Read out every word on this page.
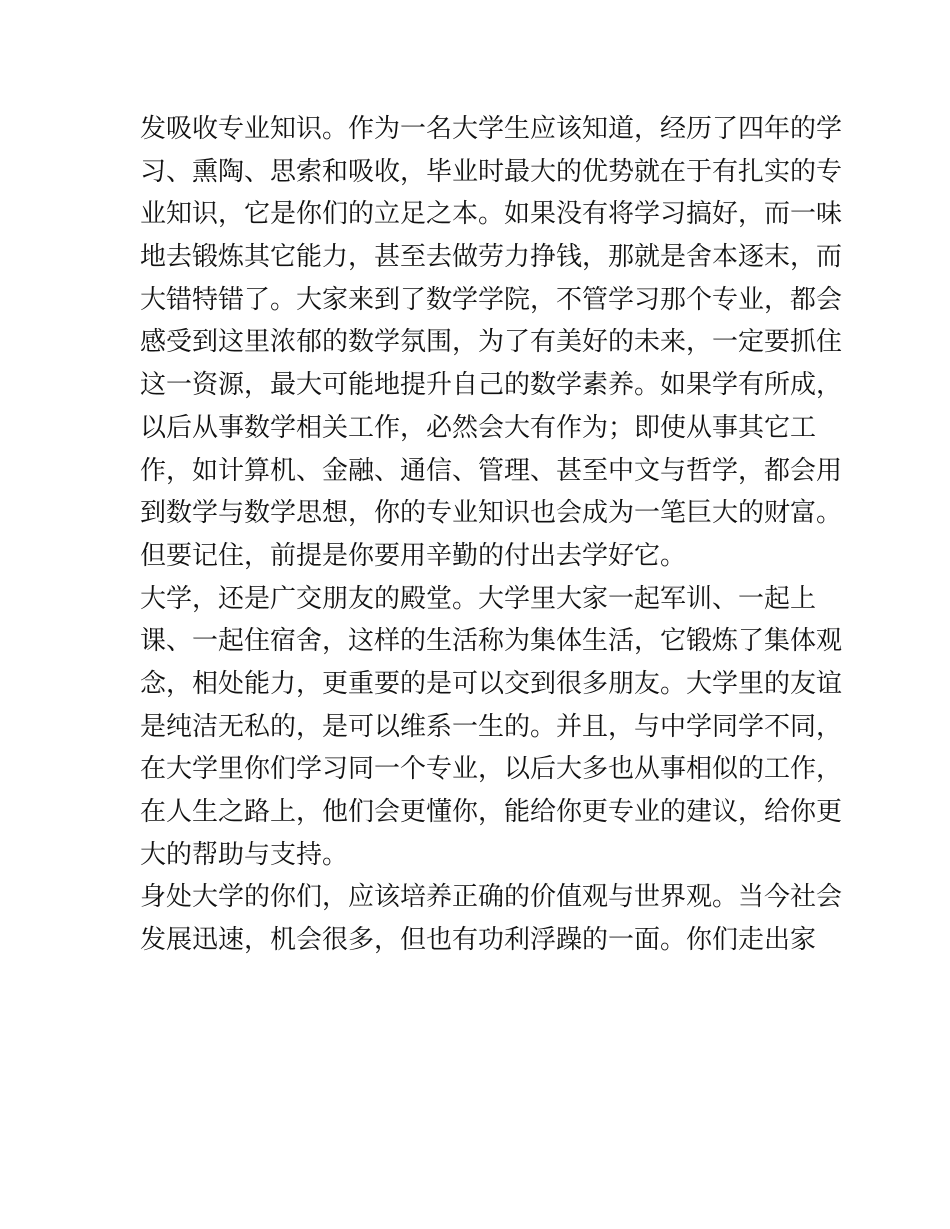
发吸收专业知识。作为一名大学生应该知道，经历了四年的学
习、熏陶、思索和吸收，毕业时最大的优势就在于有扎实的专
业知识，它是你们的立足之本。如果没有将学习搞好，而一味
地去锻炼其它能力，甚至去做劳力挣钱，那就是舍本逐末，而
大错特错了。大家来到了数学学院，不管学习那个专业，都会
感受到这里浓郁的数学氛围，为了有美好的未来，一定要抓住
这一资源，最大可能地提升自己的数学素养。如果学有所成，
以后从事数学相关工作，必然会大有作为；即使从事其它工
作，如计算机、金融、通信、管理、甚至中文与哲学，都会用
到数学与数学思想，你的专业知识也会成为一笔巨大的财富。
但要记住，前提是你要用辛勤的付出去学好它。
大学，还是广交朋友的殿堂。大学里大家一起军训、一起上
课、一起住宿舍，这样的生活称为集体生活，它锻炼了集体观
念，相处能力，更重要的是可以交到很多朋友。大学里的友谊
是纯洁无私的，是可以维系一生的。并且，与中学同学不同，
在大学里你们学习同一个专业，以后大多也从事相似的工作，
在人生之路上，他们会更懂你，能给你更专业的建议，给你更
大的帮助与支持。
身处大学的你们，应该培养正确的价值观与世界观。当今社会
发展迅速，机会很多，但也有功利浮躁的一面。你们走出家
